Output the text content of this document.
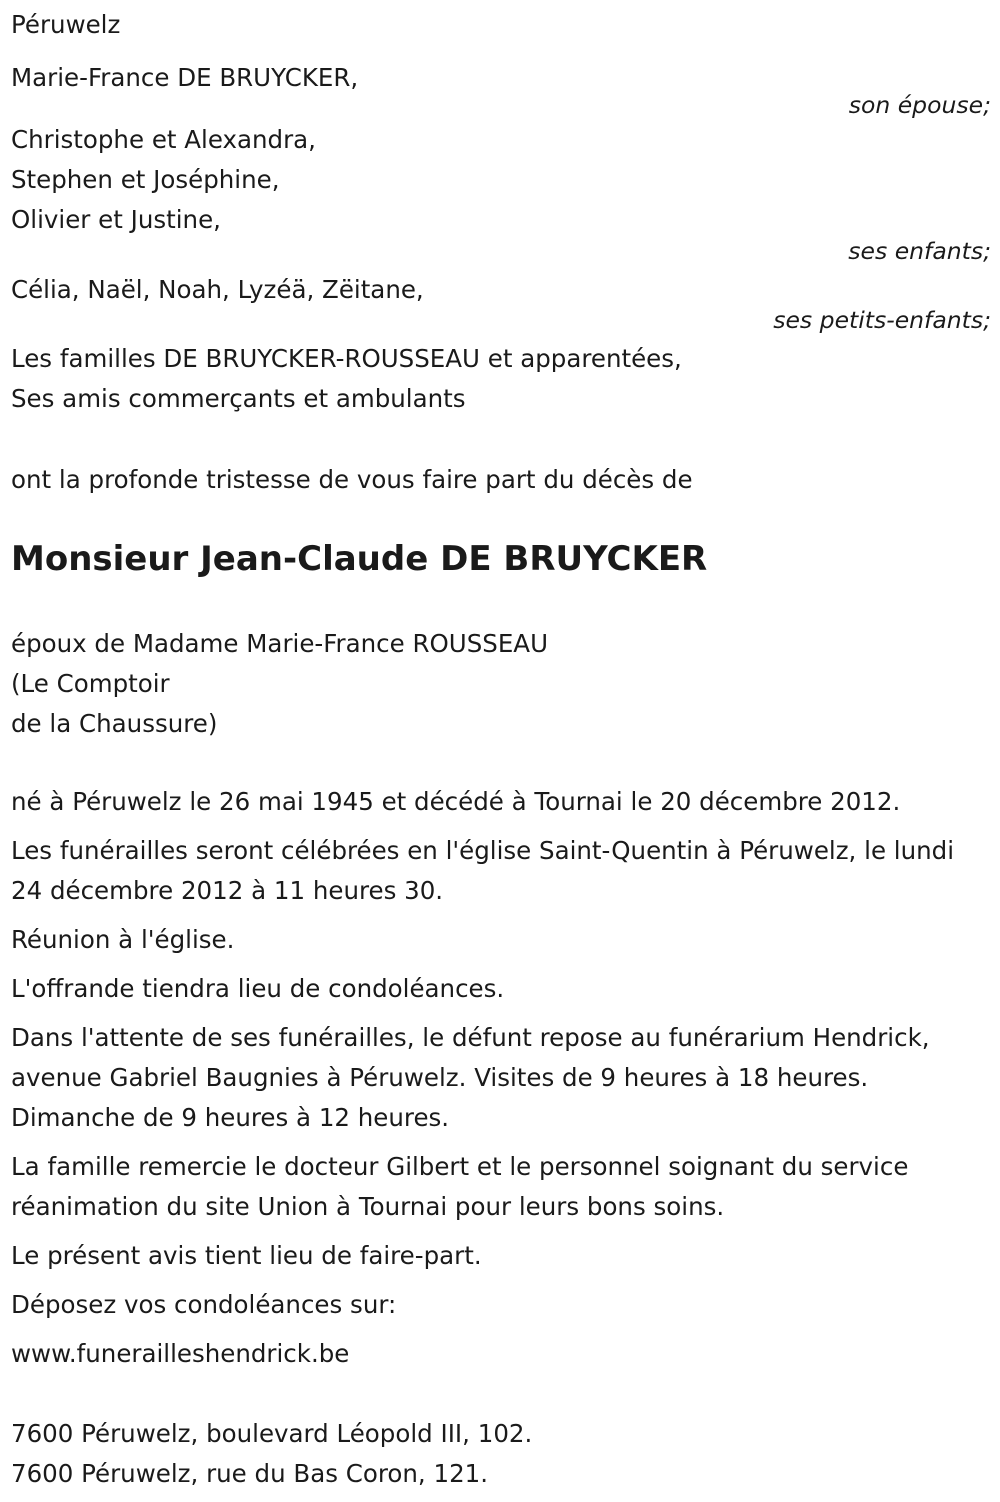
Péruwelz

Marie-France DE BRUYCKER,

son épouse;

Christophe et Alexandra,

Stephen et Joséphine,

Olivier et Justine,

ses enfants;

Célia, Naël, Noah, Lyzéä, Zëitane,

ses petits-enfants;

Les familles DE BRUYCKER-ROUSSEAU et apparentées,

Ses amis commerçants et ambulants

ont la profonde tristesse de vous faire part du décès de

Monsieur Jean-Claude DE BRUYCKER

époux de Madame Marie-France ROUSSEAU

(Le Comptoir

de la Chaussure)

né à Péruwelz le 26 mai 1945 et décédé à Tournai le 20 décembre 2012.

Les funérailles seront célébrées en l'église Saint-Quentin à Péruwelz, le lundi 24 décembre 2012 à 11 heures 30.

Réunion à l'église.

L'offrande tiendra lieu de condoléances.

Dans l'attente de ses funérailles, le défunt repose au funérarium Hendrick, avenue Gabriel Baugnies à Péruwelz. Visites de 9 heures à 18 heures. Dimanche de 9 heures à 12 heures.

La famille remercie le docteur Gilbert et le personnel soignant du service réanimation du site Union à Tournai pour leurs bons soins.

Le présent avis tient lieu de faire-part.

Déposez vos condoléances sur:

www.funerailleshendrick.be

7600 Péruwelz, boulevard Léopold III, 102.

7600 Péruwelz, rue du Bas Coron, 121.
